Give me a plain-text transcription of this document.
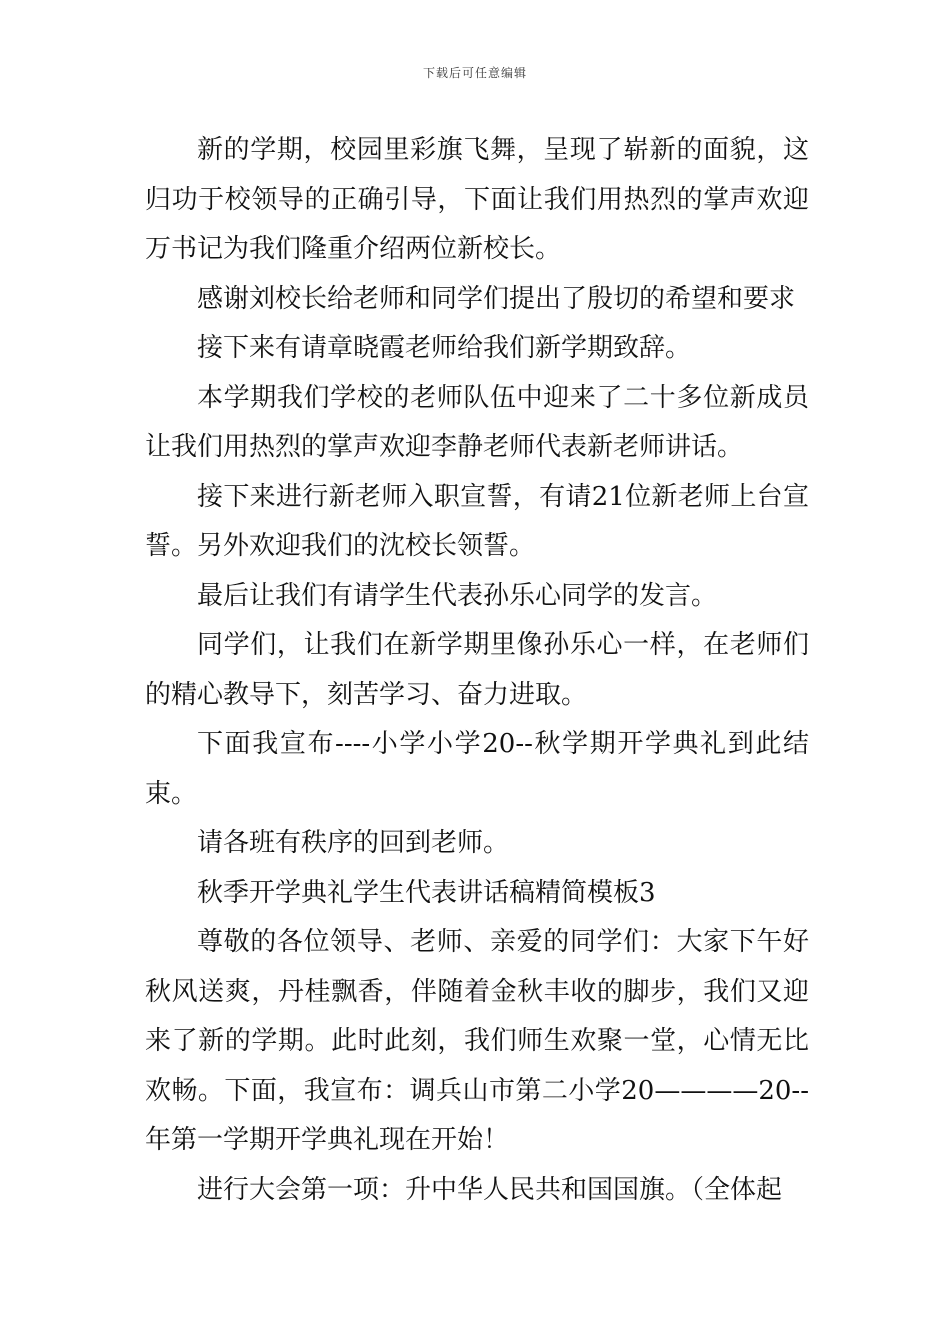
下载后可任意编辑

新的学期，校园里彩旗飞舞，呈现了崭新的面貌，这归功于校领导的正确引导，下面让我们用热烈的掌声欢迎万书记为我们隆重介绍两位新校长。

感谢刘校长给老师和同学们提出了殷切的希望和要求

接下来有请章晓霞老师给我们新学期致辞。

本学期我们学校的老师队伍中迎来了二十多位新成员让我们用热烈的掌声欢迎李静老师代表新老师讲话。

接下来进行新老师入职宣誓，有请21位新老师上台宣誓。另外欢迎我们的沈校长领誓。

最后让我们有请学生代表孙乐心同学的发言。

同学们，让我们在新学期里像孙乐心一样，在老师们的精心教导下，刻苦学习、奋力进取。

下面我宣布----小学小学20--秋学期开学典礼到此结束。

请各班有秩序的回到老师。

秋季开学典礼学生代表讲话稿精简模板3

尊敬的各位领导、老师、亲爱的同学们：大家下午好秋风送爽，丹桂飘香，伴随着金秋丰收的脚步，我们又迎来了新的学期。此时此刻，我们师生欢聚一堂，心情无比欢畅。下面，我宣布：调兵山市第二小学20————20--年第一学期开学典礼现在开始！

进行大会第一项：升中华人民共和国国旗。（全体起
